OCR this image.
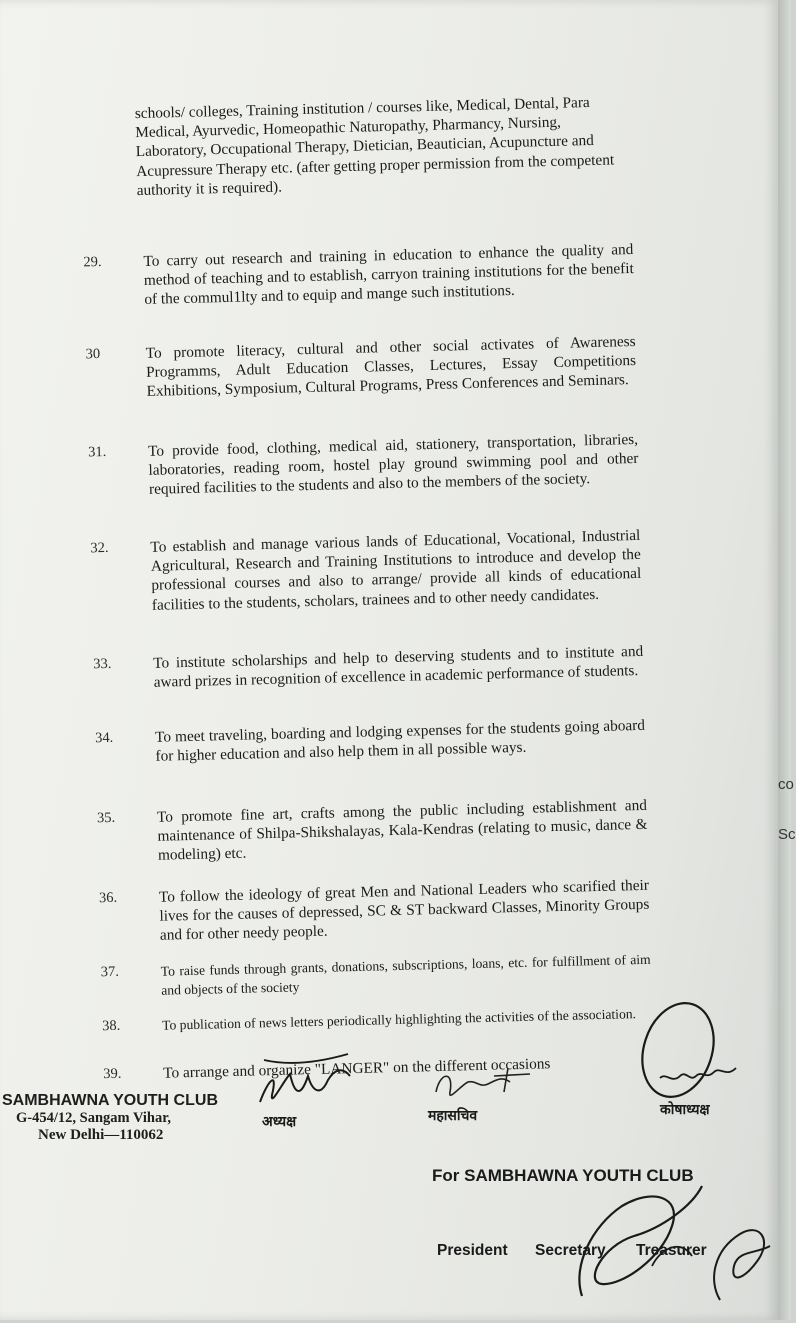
co
Sc
schools/ colleges, Training institution / courses like, Medical, Dental, Para Medical, Ayurvedic, Homeopathic Naturopathy, Pharmancy, Nursing, Laboratory, Occupational Therapy, Dietician, Beautician, Acupuncture and Acupressure Therapy etc. (after getting proper permission from the competent authority it is required).
29.	To carry out research and training in education to enhance the quality and method of teaching and to establish, carryon training institutions for the benefit of the commul1lty and to equip and mange such institutions.
30	To promote literacy, cultural and other social activates of Awareness Programms, Adult Education Classes, Lectures, Essay Competitions Exhibitions, Symposium, Cultural Programs, Press Conferences and Seminars.
31.	To provide food, clothing, medical aid, stationery, transportation, libraries, laboratories, reading room, hostel play ground swimming pool and other required facilities to the students and also to the members of the society.
32.	To establish and manage various lands of Educational, Vocational, Industrial Agricultural, Research and Training Institutions to introduce and develop the professional courses and also to arrange/ provide all kinds of educational facilities to the students, scholars, trainees and to other needy candidates.
33.	To institute scholarships and help to deserving students and to institute and award prizes in recognition of excellence in academic performance of students.
34.	To meet traveling, boarding and lodging expenses for the students going aboard for higher education and also help them in all possible ways.
35.	To promote fine art, crafts among the public including establishment and maintenance of Shilpa-Shikshalayas, Kala-Kendras (relating to music, dance & modeling) etc.
36.	To follow the ideology of great Men and National Leaders who scarified their lives for the causes of depressed, SC & ST backward Classes, Minority Groups and for other needy people.
37.	To raise funds through grants, donations, subscriptions, loans, etc. for fulfillment of aim and objects of the society
38.	To publication of news letters periodically highlighting the activities of the association.
39.	To arrange and organize "LANGER" on the different occasions
SAMBHAWNA YOUTH CLUB
G-454/12, Sangam Vihar,
New Delhi—110062
अध्यक्ष	महासचिव	कोषाध्यक्ष
For SAMBHAWNA YOUTH CLUB
President Secretary Treasurer
